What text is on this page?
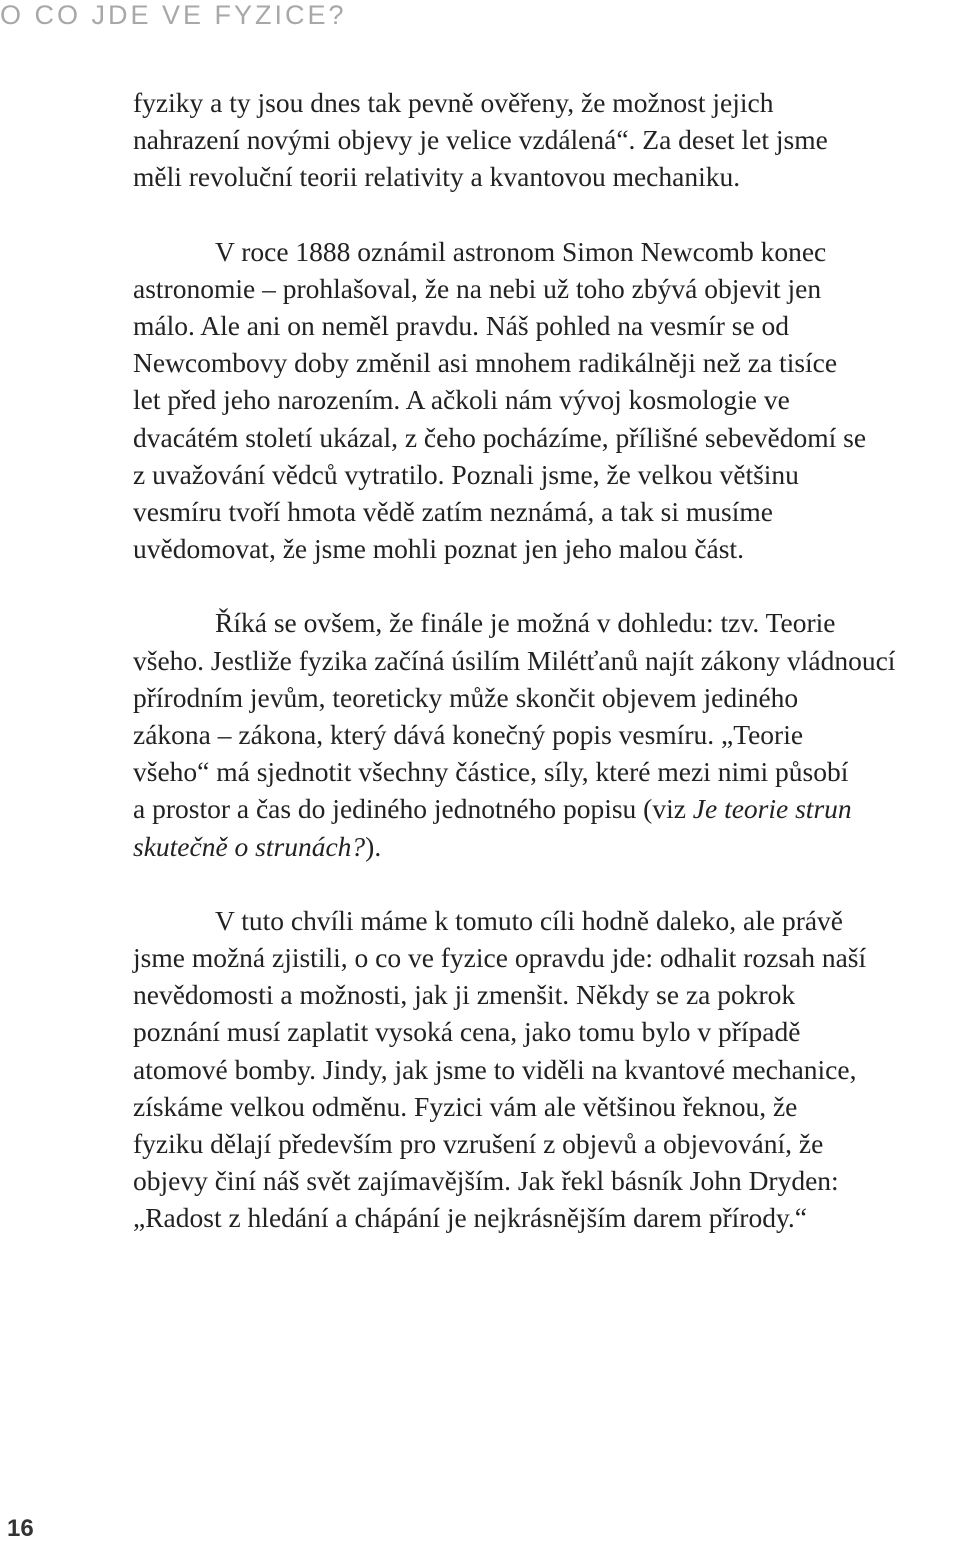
O CO JDE VE FYZICE?

fyziky a ty jsou dnes tak pevně ověřeny, že možnost jejich
nahrazení novými objevy je velice vzdálená“. Za deset let jsme
měli revoluční teorii relativity a kvantovou mechaniku.

V roce 1888 oznámil astronom Simon Newcomb konec
astronomie – prohlašoval, že na nebi už toho zbývá objevit jen
málo. Ale ani on neměl pravdu. Náš pohled na vesmír se od
Newcombovy doby změnil asi mnohem radikálněji než za tisíce
let před jeho narozením. A ačkoli nám vývoj kosmologie ve
dvacátém století ukázal, z čeho pocházíme, přílišné sebevědomí se
z uvažování vědců vytratilo. Poznali jsme, že velkou většinu
vesmíru tvoří hmota vědě zatím neznámá, a tak si musíme
uvědomovat, že jsme mohli poznat jen jeho malou část.

Říká se ovšem, že finále je možná v dohledu: tzv. Teorie
všeho. Jestliže fyzika začíná úsilím Milétťanů najít zákony vládnoucí
přírodním jevům, teoreticky může skončit objevem jediného
zákona – zákona, který dává konečný popis vesmíru. „Teorie
všeho“ má sjednotit všechny částice, síly, které mezi nimi působí
a prostor a čas do jediného jednotného popisu (viz Je teorie strun
skutečně o strunách?).

V tuto chvíli máme k tomuto cíli hodně daleko, ale právě
jsme možná zjistili, o co ve fyzice opravdu jde: odhalit rozsah naší
nevědomosti a možnosti, jak ji zmenšit. Někdy se za pokrok
poznání musí zaplatit vysoká cena, jako tomu bylo v případě
atomové bomby. Jindy, jak jsme to viděli na kvantové mechanice,
získáme velkou odměnu. Fyzici vám ale většinou řeknou, že
fyziku dělají především pro vzrušení z objevů a objevování, že
objevy činí náš svět zajímavějším. Jak řekl básník John Dryden:
„Radost z hledání a chápání je nejkrásnějším darem přírody.“

16
